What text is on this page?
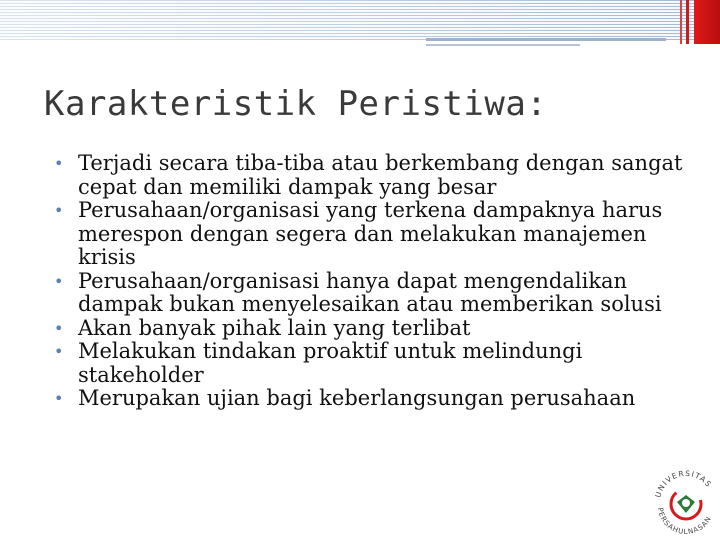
Karakteristik Peristiwa:
• Terjadi secara tiba-tiba atau berkembang dengan sangat cepat dan memiliki dampak yang besar
• Perusahaan/organisasi yang terkena dampaknya harus merespon dengan segera dan melakukan manajemen krisis
• Perusahaan/organisasi hanya dapat mengendalikan dampak bukan menyelesaikan atau memberikan solusi
• Akan banyak pihak lain yang terlibat
• Melakukan tindakan proaktif untuk melindungi stakeholder
• Merupakan ujian bagi keberlangsungan perusahaan
UNIVERSITAS
PERSAHULNASAN
